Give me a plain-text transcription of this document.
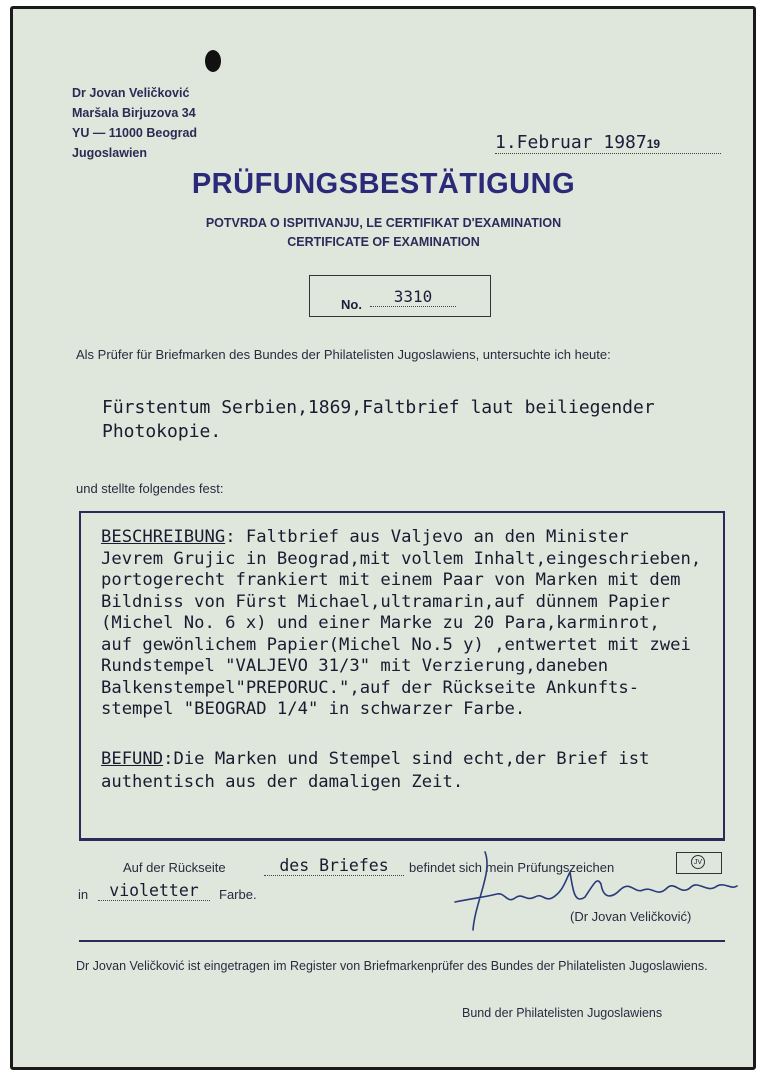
Dr Jovan Veličković
Maršala Birjuzova 34
YU — 11000 Beograd
Jugoslawien	1.Februar 198719
PRÜFUNGSBESTÄTIGUNG
POTVRDA O ISPITIVANJU, LE CERTIFIKAT D'EXAMINATION
CERTIFICATE OF EXAMINATION
No.	3310
Als Prüfer für Briefmarken des Bundes der Philatelisten Jugoslawiens, untersuchte ich heute:
Fürstentum Serbien,1869,Faltbrief laut beiliegender Photokopie.
und stellte folgendes fest:
BESCHREIBUNG: Faltbrief aus Valjevo an den Minister
Jevrem Grujic in Beograd,mit vollem Inhalt,eingeschrieben,
portogerecht frankiert mit einem Paar von Marken mit dem
Bildniss von Fürst Michael,ultramarin,auf dünnem Papier
(Michel No. 6 x) und einer Marke zu 20 Para,karminrot,
auf gewönlichem Papier(Michel No.5 y) ,entwertet mit zwei
Rundstempel "VALJEVO 31/3" mit Verzierung,daneben
Balkenstempel"PREPORUC.",auf der Rückseite Ankunfts-
stempel "BEOGRAD 1/4" in schwarzer Farbe.
BEFUND:Die Marken und Stempel sind echt,der Brief ist
authentisch aus der damaligen Zeit.
Auf der Rückseite	des Briefes	befindet sich mein Prüfungszeichen	JV
in	violetter	Farbe.
(Dr Jovan Veličković)
Dr Jovan Veličković ist eingetragen im Register von Briefmarkenprüfer des Bundes der Philatelisten Jugoslawiens.
Bund der Philatelisten Jugoslawiens
